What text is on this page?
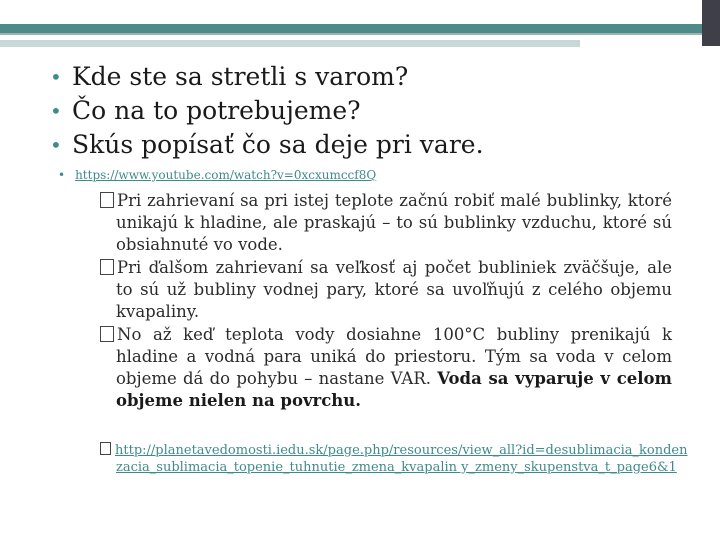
• Kde ste sa stretli s varom?
• Čo na to potrebujeme?
• Skús popísať čo sa deje pri vare.
• https://www.youtube.com/watch?v=0xcxumccf8Q

Pri zahrievaní sa pri istej teplote začnú robiť malé bublinky, ktoré unikajú k hladine, ale praskajú – to sú bublinky vzduchu, ktoré sú obsiahnuté vo vode.

Pri ďalšom zahrievaní sa veľkosť aj počet bubliniek zväčšuje, ale to sú už bubliny vodnej pary, ktoré sa uvoľňujú z celého objemu kvapaliny.

No až keď teplota vody dosiahne 100°C bubliny prenikajú k hladine a vodná para uniká do priestoru. Tým sa voda v celom objeme dá do pohybu – nastane VAR. Voda sa vyparuje v celom objeme nielen na povrchu.

http://planetavedomosti.iedu.sk/page.php/resources/view_all?id=desublimacia_kondenzacia_sublimacia_topenie_tuhnutie_zmena_kvapalin y_zmeny_skupenstva_t_page6&1
